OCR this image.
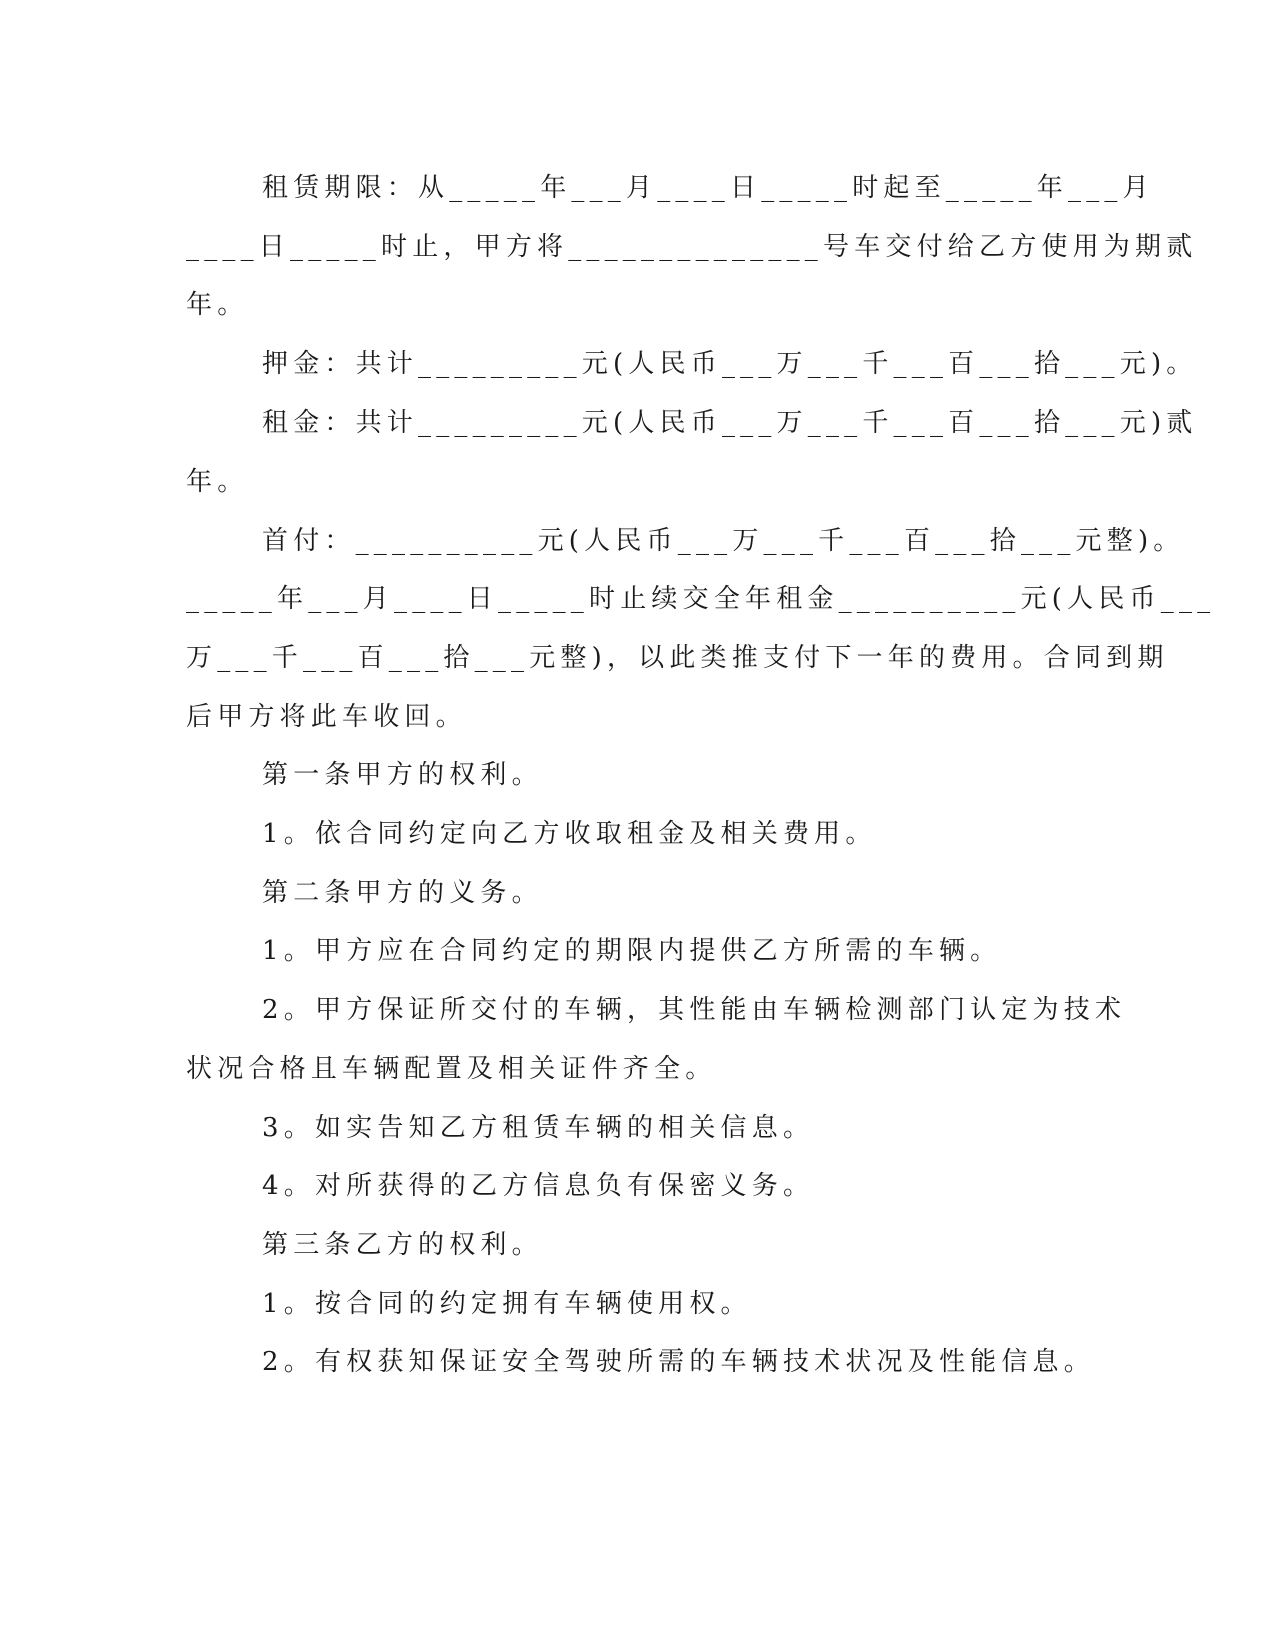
租赁期限：从_____年___月____日_____时起至_____年___月
____日_____时止，甲方将______________号车交付给乙方使用为期贰
年。
押金：共计_________元(人民币___万___千___百___拾___元)。
租金：共计_________元(人民币___万___千___百___拾___元)贰
年。
首付：__________元(人民币___万___千___百___拾___元整)。
_____年___月____日_____时止续交全年租金__________元(人民币___
万___千___百___拾___元整)，以此类推支付下一年的费用。合同到期
后甲方将此车收回。
第一条甲方的权利。
1。依合同约定向乙方收取租金及相关费用。
第二条甲方的义务。
1。甲方应在合同约定的期限内提供乙方所需的车辆。
2。甲方保证所交付的车辆，其性能由车辆检测部门认定为技术
状况合格且车辆配置及相关证件齐全。
3。如实告知乙方租赁车辆的相关信息。
4。对所获得的乙方信息负有保密义务。
第三条乙方的权利。
1。按合同的约定拥有车辆使用权。
2。有权获知保证安全驾驶所需的车辆技术状况及性能信息。
